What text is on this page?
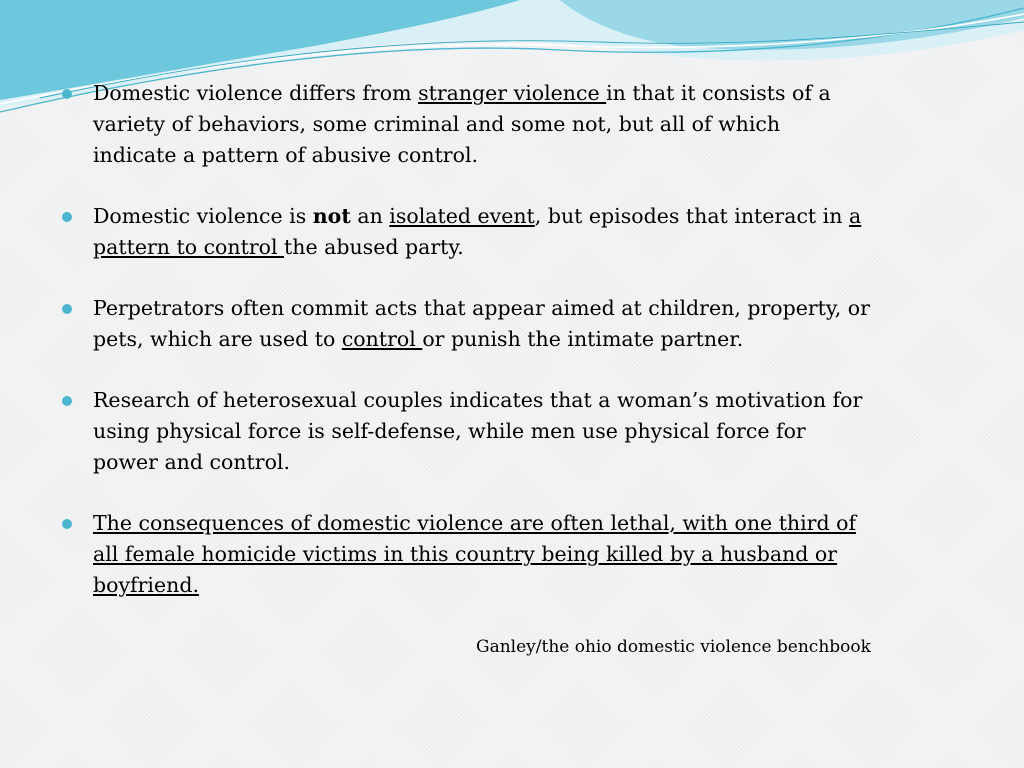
Domestic violence differs from stranger violence in that it consists of a variety of behaviors, some criminal and some not, but all of which indicate a pattern of abusive control.
Domestic violence is not an isolated event, but episodes that interact in a pattern to control the abused party.
Perpetrators often commit acts that appear aimed at children, property, or pets, which are used to control or punish the intimate partner.
Research of heterosexual couples indicates that a woman’s motivation for using physical force is self-defense, while men use physical force for power and control.
The consequences of domestic violence are often lethal, with one third of all female homicide victims in this country being killed by a husband or boyfriend.
Ganley/the ohio domestic violence benchbook
